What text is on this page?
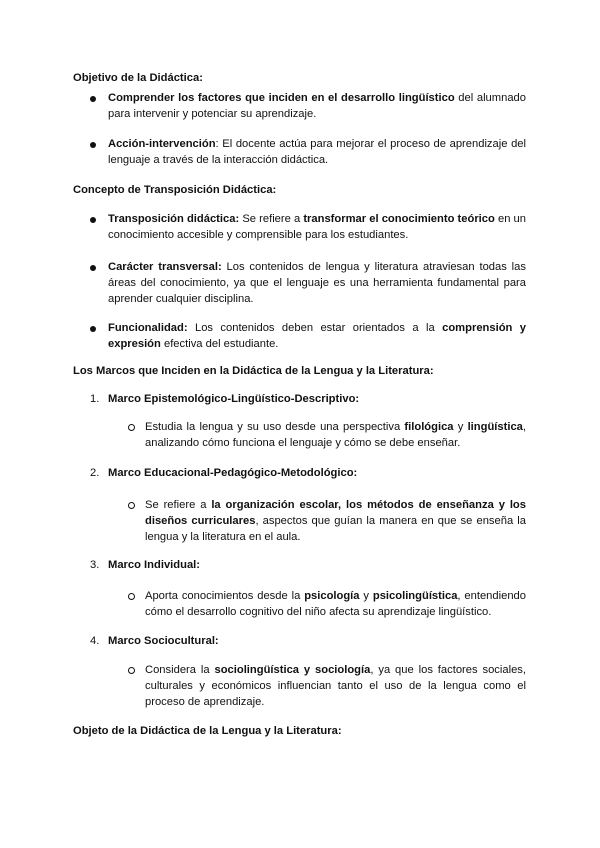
Objetivo de la Didáctica:
Comprender los factores que inciden en el desarrollo lingüístico del alumnado para intervenir y potenciar su aprendizaje.
Acción-intervención: El docente actúa para mejorar el proceso de aprendizaje del lenguaje a través de la interacción didáctica.
Concepto de Transposición Didáctica:
Transposición didáctica: Se refiere a transformar el conocimiento teórico en un conocimiento accesible y comprensible para los estudiantes.
Carácter transversal: Los contenidos de lengua y literatura atraviesan todas las áreas del conocimiento, ya que el lenguaje es una herramienta fundamental para aprender cualquier disciplina.
Funcionalidad: Los contenidos deben estar orientados a la comprensión y expresión efectiva del estudiante.
Los Marcos que Inciden en la Didáctica de la Lengua y la Literatura:
1. Marco Epistemológico-Lingüístico-Descriptivo:
Estudia la lengua y su uso desde una perspectiva filológica y lingüística, analizando cómo funciona el lenguaje y cómo se debe enseñar.
2. Marco Educacional-Pedagógico-Metodológico:
Se refiere a la organización escolar, los métodos de enseñanza y los diseños curriculares, aspectos que guían la manera en que se enseña la lengua y la literatura en el aula.
3. Marco Individual:
Aporta conocimientos desde la psicología y psicolingüística, entendiendo cómo el desarrollo cognitivo del niño afecta su aprendizaje lingüístico.
4. Marco Sociocultural:
Considera la sociolingüística y sociología, ya que los factores sociales, culturales y económicos influencian tanto el uso de la lengua como el proceso de aprendizaje.
Objeto de la Didáctica de la Lengua y la Literatura:
